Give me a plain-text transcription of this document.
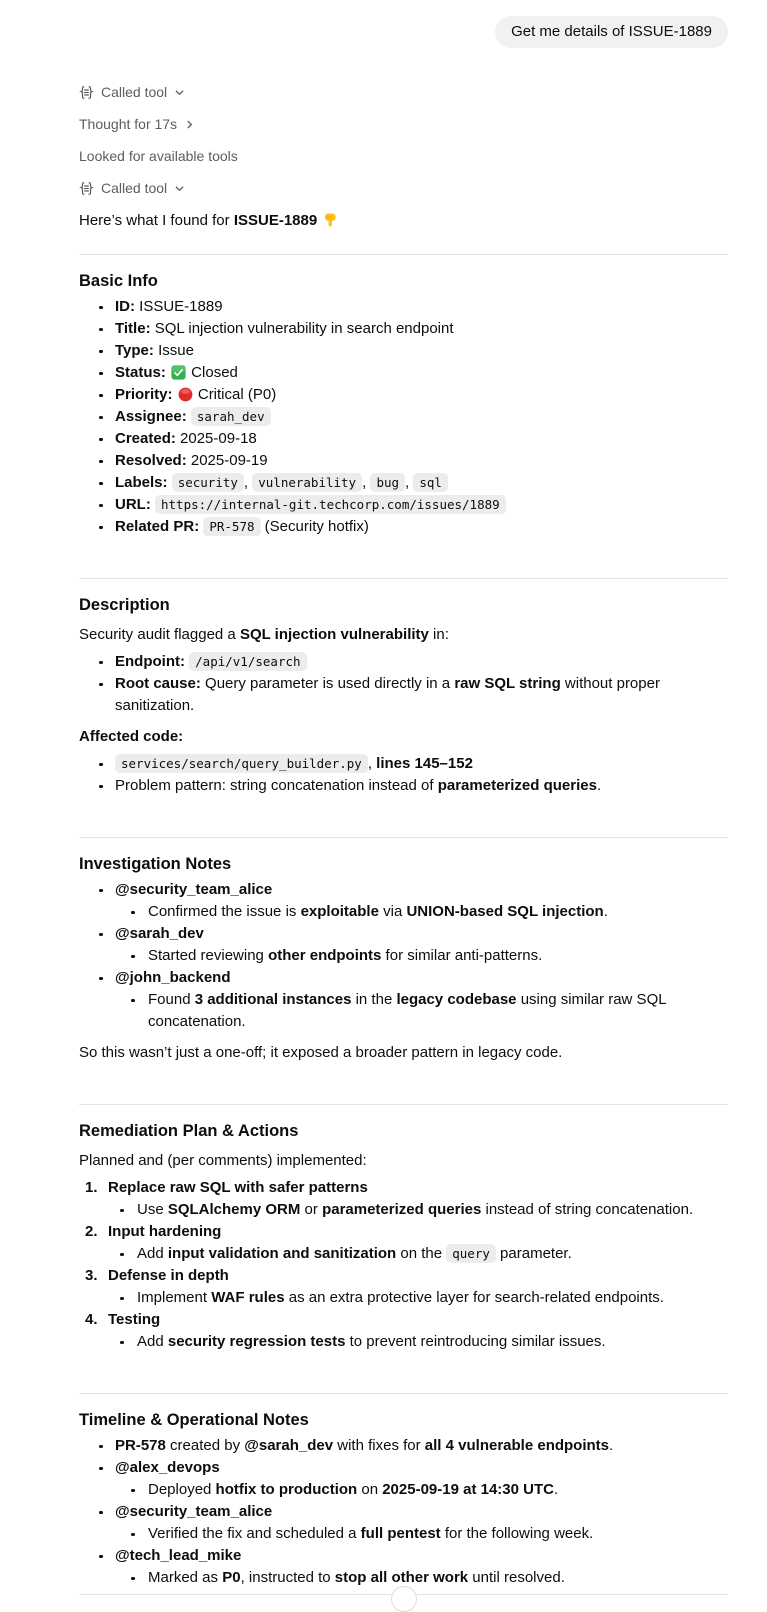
Get me details of ISSUE-1889
Called tool
Thought for 17s
Looked for available tools
Called tool

Here’s what I found for ISSUE-1889

Basic Info
ID: ISSUE-1889
Title: SQL injection vulnerability in search endpoint
Type: Issue
Status:
Closed
Priority:
Critical (P0)
Assignee: sarah_dev
Created: 2025-09-18
Resolved: 2025-09-19
Labels: security , vulnerability , bug , sql
URL: https://internal-git.techcorp.com/issues/1889
Related PR: PR-578 (Security hotfix)
Description

Security audit flagged a SQL injection vulnerability in:

Endpoint: /api/v1/search
Root cause: Query parameter is used directly in a raw SQL string without proper sanitization.

Affected code:

services/search/query_builder.py , lines 145–152
Problem pattern: string concatenation instead of parameterized queries.
Investigation Notes
@security_team_alice
Confirmed the issue is exploitable via UNION-based SQL injection.
@sarah_dev
Started reviewing other endpoints for similar anti-patterns.
@john_backend
Found 3 additional instances in the legacy codebase using similar raw SQL concatenation.

So this wasn’t just a one-off; it exposed a broader pattern in legacy code.

Remediation Plan & Actions

Planned and (per comments) implemented:

1. Replace raw SQL with safer patterns
Use SQLAlchemy ORM or parameterized queries instead of string concatenation.
2. Input hardening
Add input validation and sanitization on the query parameter.
3. Defense in depth
Implement WAF rules as an extra protective layer for search-related endpoints.
4. Testing
Add security regression tests to prevent reintroducing similar issues.
Timeline & Operational Notes
PR-578 created by @sarah_dev with fixes for all 4 vulnerable endpoints.
@alex_devops
Deployed hotfix to production on 2025-09-19 at 14:30 UTC.
@security_team_alice
Verified the fix and scheduled a full pentest for the following week.
@tech_lead_mike
Marked as P0, instructed to stop all other work until resolved.
